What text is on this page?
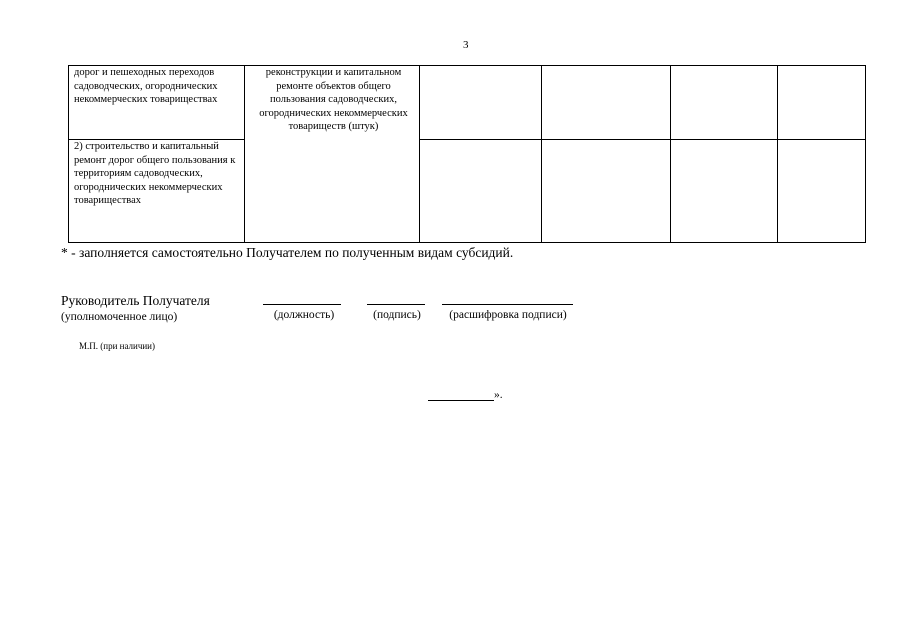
3
дорог и пешеходных переходов садоводческих, огороднических некоммерческих товариществах	реконструкции и капитальном ремонте объектов общего пользования садоводческих, огороднических некоммерческих товариществ (штук)				
2) строительство и капитальный ремонт дорог общего пользования к территориям садоводческих, огороднических некоммерческих товариществах					
* - заполняется самостоятельно Получателем по полученным видам субсидий.
Руководитель Получателя
(уполномоченное лицо)	(должность)	(подпись)	(расшифровка подписи)
М.П. (при наличии)
».
